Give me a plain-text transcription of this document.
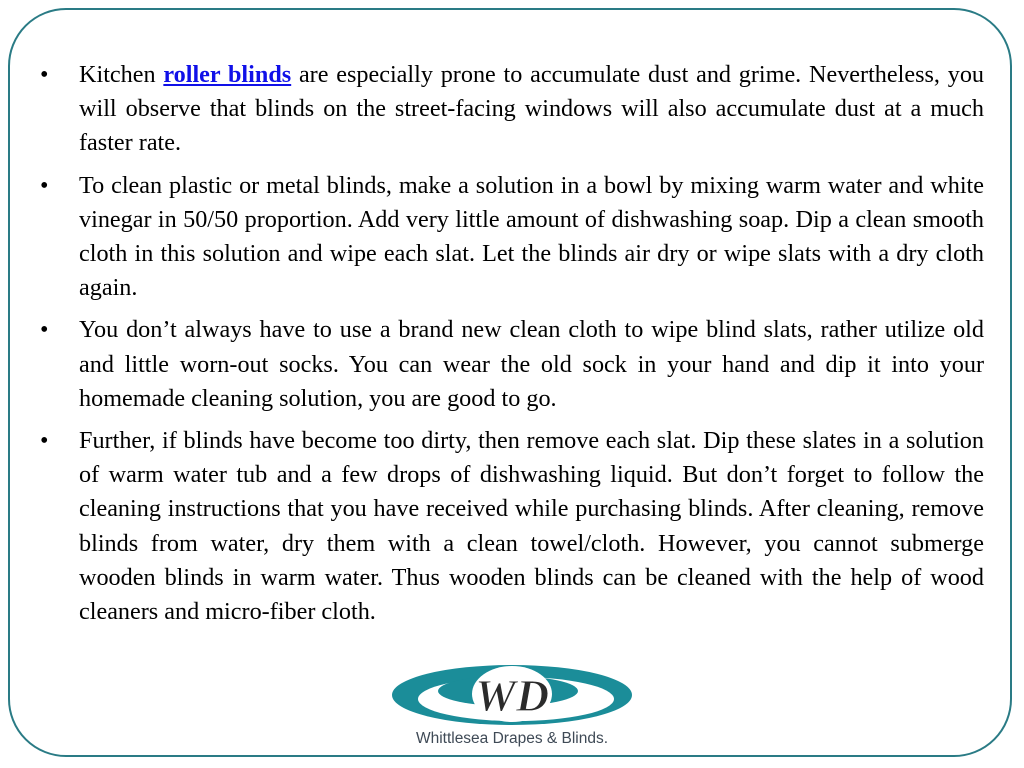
•	Kitchen roller blinds are especially prone to accumulate dust and grime. Nevertheless, you will observe that blinds on the street-facing windows will also accumulate dust at a much faster rate.
•	To clean plastic or metal blinds, make a solution in a bowl by mixing warm water and white vinegar in 50/50 proportion. Add very little amount of dishwashing soap. Dip a clean smooth cloth in this solution and wipe each slat. Let the blinds air dry or wipe slats with a dry cloth again.
•	You don’t always have to use a brand new clean cloth to wipe blind slats, rather utilize old and little worn-out socks. You can wear the old sock in your hand and dip it into your homemade cleaning solution, you are good to go.
•	Further, if blinds have become too dirty, then remove each slat. Dip these slates in a solution of warm water tub and a few drops of dishwashing liquid. But don’t forget to follow the cleaning instructions that you have received while purchasing blinds. After cleaning, remove blinds from water, dry them with a clean towel/cloth. However, you cannot submerge wooden blinds in warm water. Thus wooden blinds can be cleaned with the help of wood cleaners and micro-fiber cloth.
WD
Whittlesea Drapes & Blinds.
